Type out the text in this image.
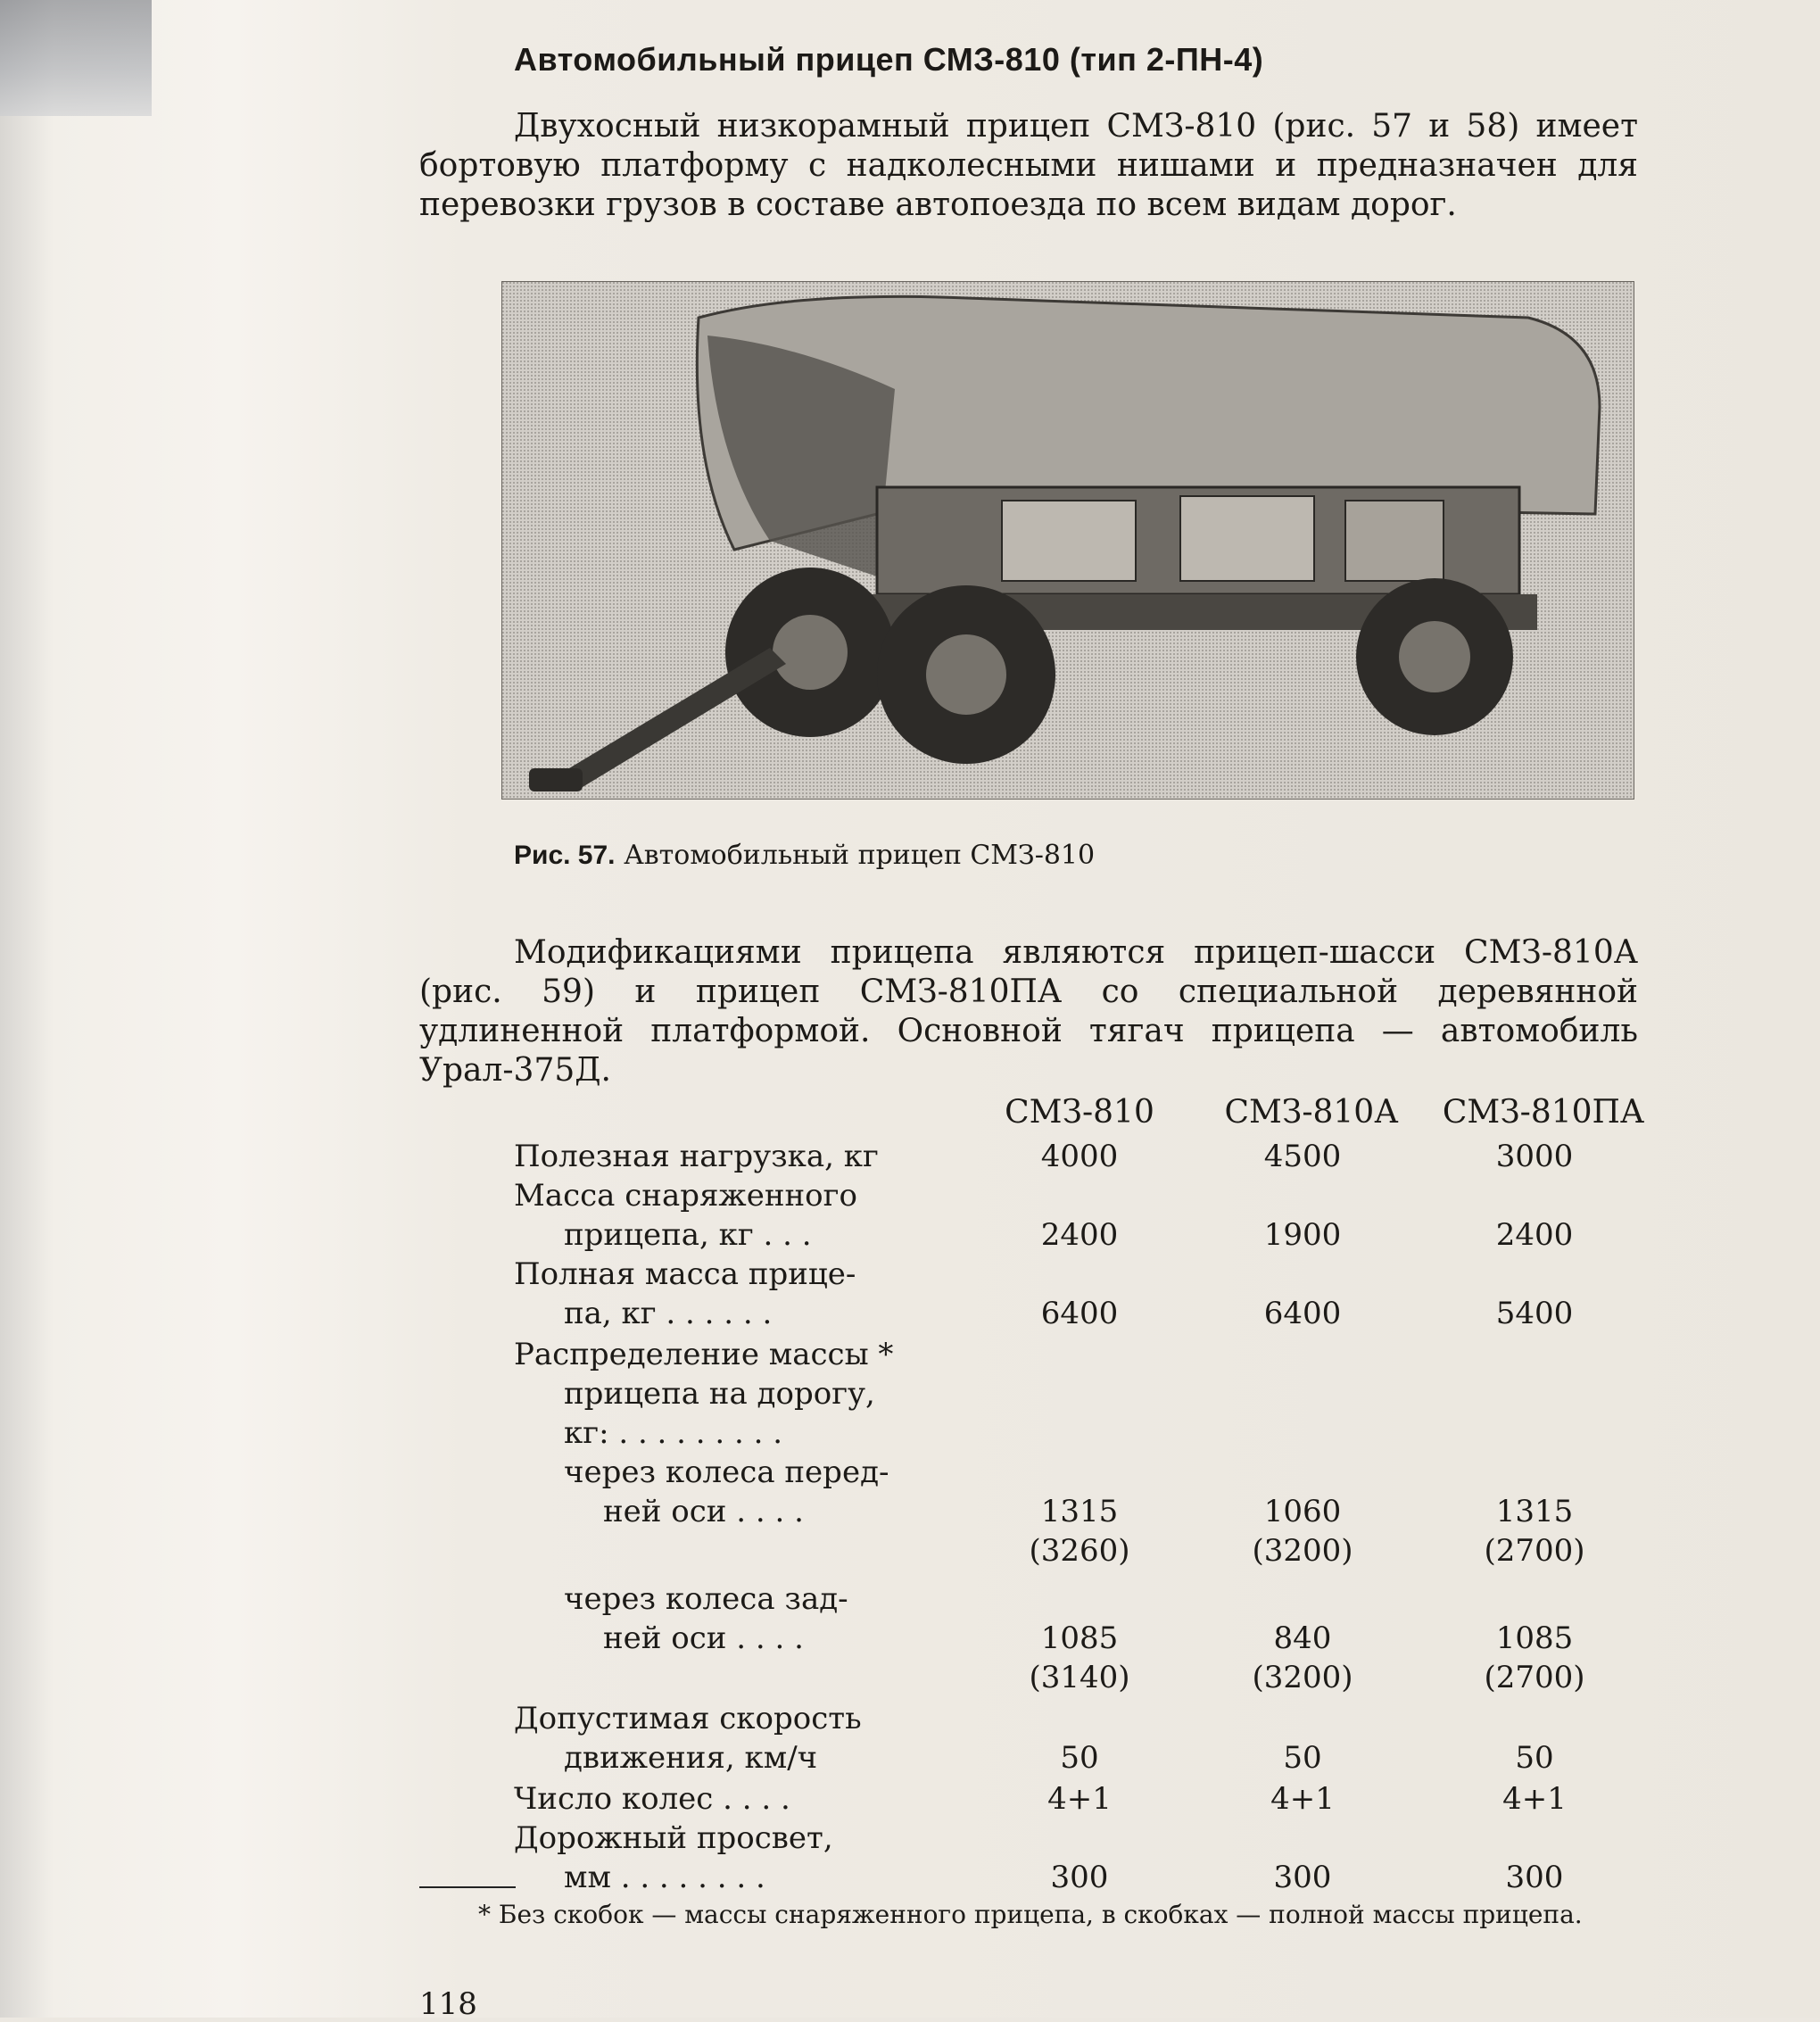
Автомобильный прицеп СМЗ-810 (тип 2-ПН-4)

Двухосный низкорамный прицеп СМЗ-810 (рис. 57 и 58) имеет бортовую платформу с надколесными нишами и предназначен для перевозки грузов в составе автопоезда по всем видам дорог.

Рис. 57. Автомобильный прицеп СМЗ-810

Модификациями прицепа являются прицеп-шасси СМЗ-810А (рис. 59) и прицеп СМЗ-810ПА со специальной деревянной удлиненной платформой. Основной тягач прицепа — автомобиль Урал-375Д.

СМЗ-810	СМЗ-810А	СМЗ-810ПА
Полезная нагрузка, кг	4000	4500	3000
Масса снаряженного
прицепа, кг . . .	2400	1900	2400
Полная масса прице-
па, кг . . . . . .	6400	6400	5400
Распределение массы *
прицепа на дорогу,
кг: . . . . . . . . .
через колеса перед-
ней оси . . . .	1315	1060	1315
(3260)	(3200)	(2700)
через колеса зад-
ней оси . . . .	1085	840	1085
(3140)	(3200)	(2700)
Допустимая скорость
движения, км/ч	50	50	50
Число колес . . . .	4+1	4+1	4+1
Дорожный просвет,
мм . . . . . . . .	300	300	300

* Без скобок — массы снаряженного прицепа, в скобках — полной массы прицепа.

118
